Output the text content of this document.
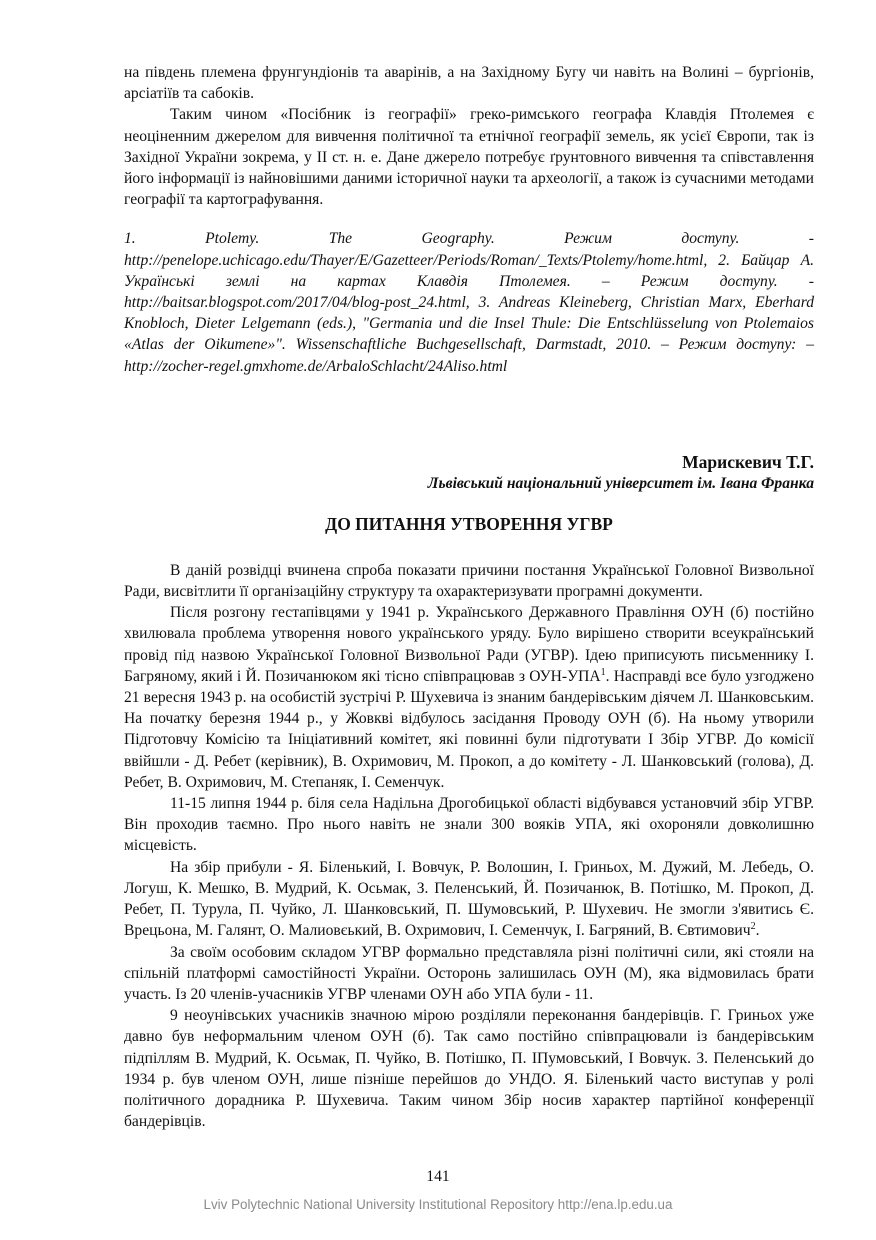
на південь племена фрунгундіонів та аварінів, а на Західному Бугу чи навіть на Волині – бургіонів, арсіатіїв та сабоків.

Таким чином «Посібник із географії» греко-римського географа Клавдія Птолемея є неоціненним джерелом для вивчення політичної та етнічної географії земель, як усієї Європи, так із Західної України зокрема, у ІІ ст. н. е. Дане джерело потребує ґрунтовного вивчення та співставлення його інформації із найновішими даними історичної науки та археології, а також із сучасними методами географії та картографування.

1. Ptolemy. The Geography. Режим доступу. - http://penelope.uchicago.edu/Thayer/E/Gazetteer/Periods/Roman/_Texts/Ptolemy/home.html, 2. Байцар А. Українські землі на картах Клавдія Птолемея. – Режим доступу. - http://baitsar.blogspot.com/2017/04/blog-post_24.html, 3. Andreas Kleineberg, Christian Marx, Eberhard Knobloch, Dieter Lelgemann (eds.), "Germania und die Insel Thule: Die Entschlüsselung von Ptolemaios «Atlas der Oikumene»". Wissenschaftliche Buchgesellschaft, Darmstadt, 2010. – Режим доступу: – http://zocher-regel.gmxhome.de/ArbaloSchlacht/24Aliso.html

Марискевич Т.Г.
Львівський національний університет ім. Івана Франка
ДО ПИТАННЯ УТВОРЕННЯ УГВР

В даній розвідці вчинена спроба показати причини постання Української Головної Визвольної Ради, висвітлити її організаційну структуру та охарактеризувати програмні документи.

Після розгону гестапівцями у 1941 р. Українського Державного Правління ОУН (б) постійно хвилювала проблема утворення нового українського уряду. Було вирішено створити всеукраїнський провід під назвою Української Головної Визвольної Ради (УГВР). Ідею приписують письменнику І. Багряному, який і Й. Позичанюком які тісно співпрацював з ОУН-УПА$^1$. Насправді все було узгоджено 21 вересня 1943 р. на особистій зустрічі Р. Шухевича із знаним бандерівським діячем Л. Шанковським. На початку березня 1944 р., у Жовкві відбулось засідання Проводу ОУН (б). На ньому утворили Підготовчу Комісію та Ініціативний комітет, які повинні були підготувати І Збір УГВР. До комісії ввійшли - Д. Ребет (керівник), В. Охримович, М. Прокоп, а до комітету - Л. Шанковський (голова), Д. Ребет, В. Охримович, М. Степаняк, І. Семенчук.

11-15 липня 1944 р. біля села Надільна Дрогобицької області відбувався установчий збір УГВР. Він проходив таємно. Про нього навіть не знали 300 вояків УПА, які охороняли довколишню місцевість.

На збір прибули - Я. Біленький, І. Вовчук, Р. Волошин, І. Гриньох, М. Дужий, М. Лебедь, О. Логуш, К. Мешко, В. Мудрий, К. Осьмак, З. Пеленський, Й. Позичанюк, В. Потішко, М. Прокоп, Д. Ребет, П. Турула, П. Чуйко, Л. Шанковський, П. Шумовський, Р. Шухевич. Не змогли з'явитись Є. Врецьона, М. Галянт, О. Малиовєький, В. Охримович, І. Семенчук, І. Багряний, В. Євтимович$^2$.

За своїм особовим складом УГВР формально представляла різні політичні сили, які стояли на спільній платформі самостійності України. Осторонь залишилась ОУН (М), яка відмовилась брати участь. Із 20 членів-учасників УГВР членами ОУН або УПА були - 11.

9 неоунівських учасників значною мірою розділяли переконання бандерівців. Г. Гриньох уже давно був неформальним членом ОУН (б). Так само постійно співпрацювали із бандерівським підпіллям В. Мудрий, К. Осьмак, П. Чуйко, В. Потішко, П. ІПумовський, І Вовчук. З. Пеленський до 1934 р. був членом ОУН, лише пізніше перейшов до УНДО. Я. Біленький часто виступав у ролі політичного дорадника Р. Шухевича. Таким чином Збір носив характер партійної конференції бандерівців.

141
Lviv Polytechnic National University Institutional Repository http://ena.lp.edu.ua
